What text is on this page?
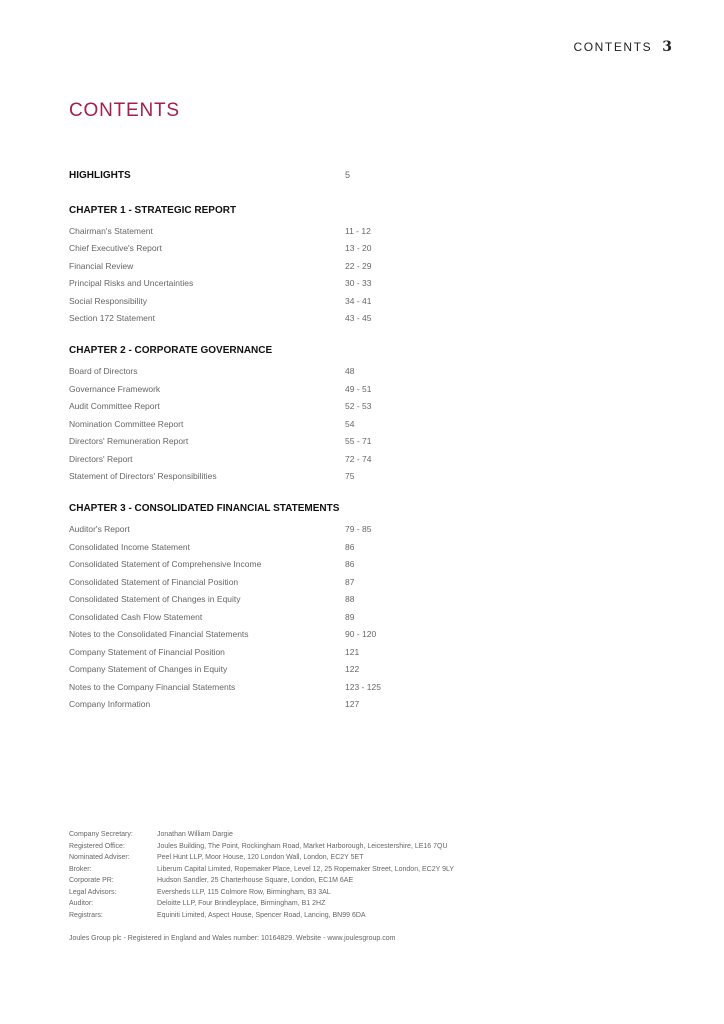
CONTENTS 3
CONTENTS
HIGHLIGHTS	5
CHAPTER 1 - STRATEGIC REPORT
Chairman's Statement	11 - 12
Chief Executive's Report	13 - 20
Financial Review	22 - 29
Principal Risks and Uncertainties	30 - 33
Social Responsibility	34 - 41
Section 172 Statement	43 - 45
CHAPTER 2 - CORPORATE GOVERNANCE
Board of Directors	48
Governance Framework	49 - 51
Audit Committee Report	52 - 53
Nomination Committee Report	54
Directors' Remuneration Report	55 - 71
Directors' Report	72 - 74
Statement of Directors' Responsibilities	75
CHAPTER 3 - CONSOLIDATED FINANCIAL STATEMENTS
Auditor's Report	79 - 85
Consolidated Income Statement	86
Consolidated Statement of Comprehensive Income	86
Consolidated Statement of Financial Position	87
Consolidated Statement of Changes in Equity	88
Consolidated Cash Flow Statement	89
Notes to the Consolidated Financial Statements	90 - 120
Company Statement of Financial Position	121
Company Statement of Changes in Equity	122
Notes to the Company Financial Statements	123 - 125
Company Information	127
Company Secretary:	Jonathan William Dargie
Registered Office:	Joules Building, The Point, Rockingham Road, Market Harborough, Leicestershire, LE16 7QU
Nominated Adviser:	Peel Hunt LLP, Moor House, 120 London Wall, London, EC2Y 5ET
Broker:	Liberum Capital Limited, Ropemaker Place, Level 12, 25 Ropemaker Street, London, EC2Y 9LY
Corporate PR:	Hudson Sandler, 25 Charterhouse Square, London, EC1M 6AE
Legal Advisors:	Eversheds LLP, 115 Colmore Row, Birmingham, B3 3AL
Auditor:	Deloitte LLP, Four Brindleyplace, Birmingham, B1 2HZ
Registrars:	Equiniti Limited, Aspect House, Spencer Road, Lancing, BN99 6DA
Joules Group plc - Registered in England and Wales number: 10164829. Website - www.joulesgroup.com
